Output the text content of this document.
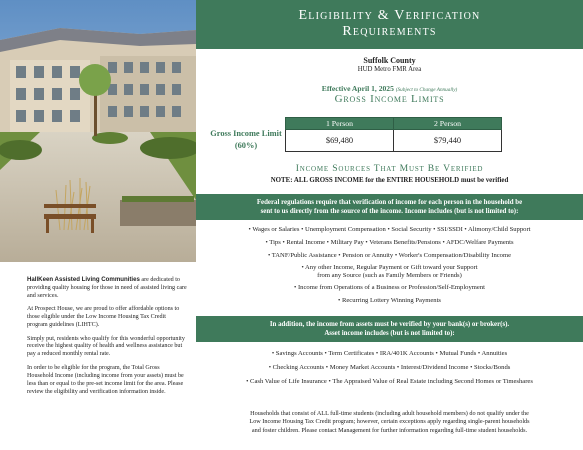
HallKeen Assisted Living Communities are dedicated to providing quality housing for those in need of assisted living care and services.

At Prospect House, we are proud to offer affordable options to those eligible under the Low Income Housing Tax Credit program guidelines (LIHTC).

Simply put, residents who qualify for this wonderful opportunity receive the highest quality of health and wellness assistance but pay a reduced monthly rental rate.

In order to be eligible for the program, the Total Gross Household Income (including income from your assets) must be less than or equal to the pre-set income limit for the area. Please review the eligibility and verification information inside.

Eligibility & Verification
Requirements
Suffolk County
HUD Metro FMR Area
Effective April 1, 2025 (Subject to Change Annually)
Gross Income Limits
Gross Income Limit (60%)
1 Person	2 Person
$69,480	$79,440
Income Sources That Must Be Verified
NOTE: ALL GROSS INCOME for the ENTIRE HOUSEHOLD must be verified
Federal regulations require that verification of income for each person in the household be
sent to us directly from the source of the income. Income includes (but is not limited to):
• Wages or Salaries • Unemployment Compensation • Social Security • SSI/SSDI • Alimony/Child Support
• Tips • Rental Income • Military Pay • Veterans Benefits/Pensions • AFDC/Welfare Payments
• TANF/Public Assistance • Pension or Annuity • Worker's Compensation/Disability Income
• Any other Income, Regular Payment or Gift toward your Support
from any Source (such as Family Members or Friends)
• Income from Operations of a Business or Profession/Self-Employment
• Recurring Lottery Winning Payments
In addition, the income from assets must be verified by your bank(s) or broker(s).
Asset income includes (but is not limited to):
• Savings Accounts • Term Certificates • IRA/401K Accounts • Mutual Funds • Annuities
• Checking Accounts • Money Market Accounts • Interest/Dividend Income • Stocks/Bonds
• Cash Value of Life Insurance • The Appraised Value of Real Estate including Second Homes or Timeshares
Households that consist of ALL full-time students (including adult household members) do not qualify under the
Low Income Housing Tax Credit program; however, certain exceptions apply regarding single-parent households
and foster children. Please contact Management for further information regarding full-time student households.
